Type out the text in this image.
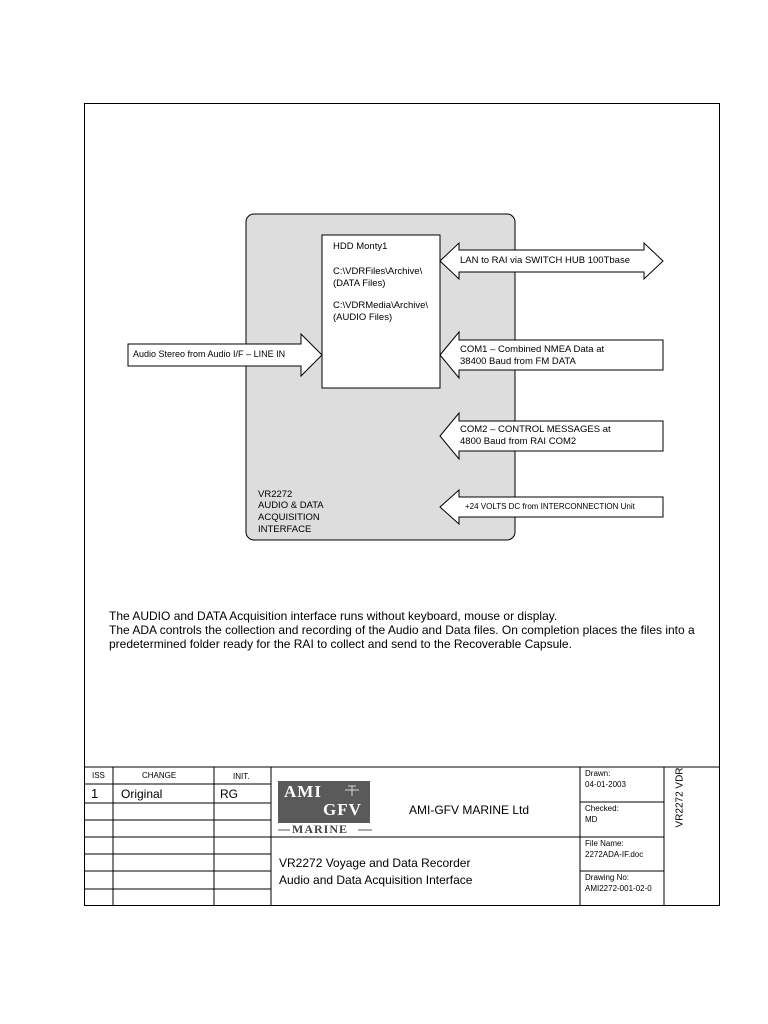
HDD Monty1
C:\VDRFiles\Archive\
(DATA Files)
C:\VDRMedia\Archive\
(AUDIO Files)
VR2272
AUDIO & DATA
ACQUISITION
INTERFACE
Audio Stereo from Audio I/F – LINE IN
LAN to RAI via SWITCH HUB 100Tbase
COM1 – Combined NMEA Data at
38400 Baud from FM DATA
COM2 – CONTROL MESSAGES at
4800 Baud from RAI COM2
+24 VOLTS DC from INTERCONNECTION Unit
The AUDIO and DATA Acquisition interface runs without keyboard, mouse or display.
The ADA controls the collection and recording of the Audio and Data files. On completion places the files into a predetermined folder ready for the RAI to collect and send to the Recoverable Capsule.
ISS	CHANGE	INIT.
1 Original	RG	AMI
GFV
MARINE
AMI-GFV MARINE Ltd
VR2272 Voyage and Data Recorder
Audio and Data Acquisition Interface
Drawn:
04-01-2003
Checked:
MD
File Name:
2272ADA-IF.doc
Drawing No:
AMI2272-001-02-0
VR2272 VDR
